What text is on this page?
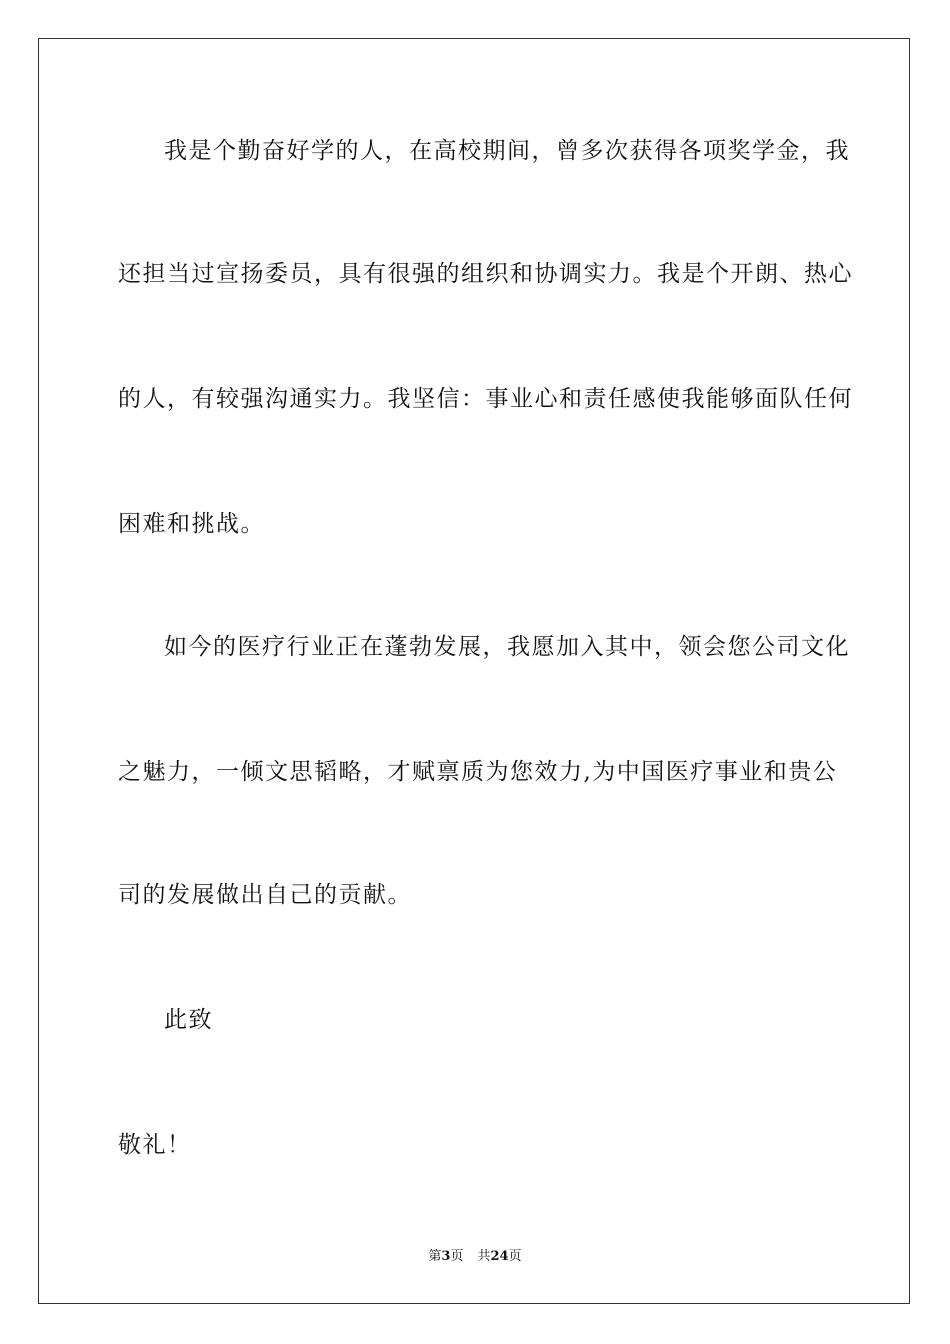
我是个勤奋好学的人，在高校期间，曾多次获得各项奖学金，我
还担当过宣扬委员，具有很强的组织和协调实力。我是个开朗、热心
的人，有较强沟通实力。我坚信：事业心和责任感使我能够面队任何
困难和挑战。
如今的医疗行业正在蓬勃发展，我愿加入其中，领会您公司文化
之魅力，一倾文思韬略，才赋禀质为您效力,为中国医疗事业和贵公
司的发展做出自己的贡献。
此致
敬礼！
第3页 共24页
